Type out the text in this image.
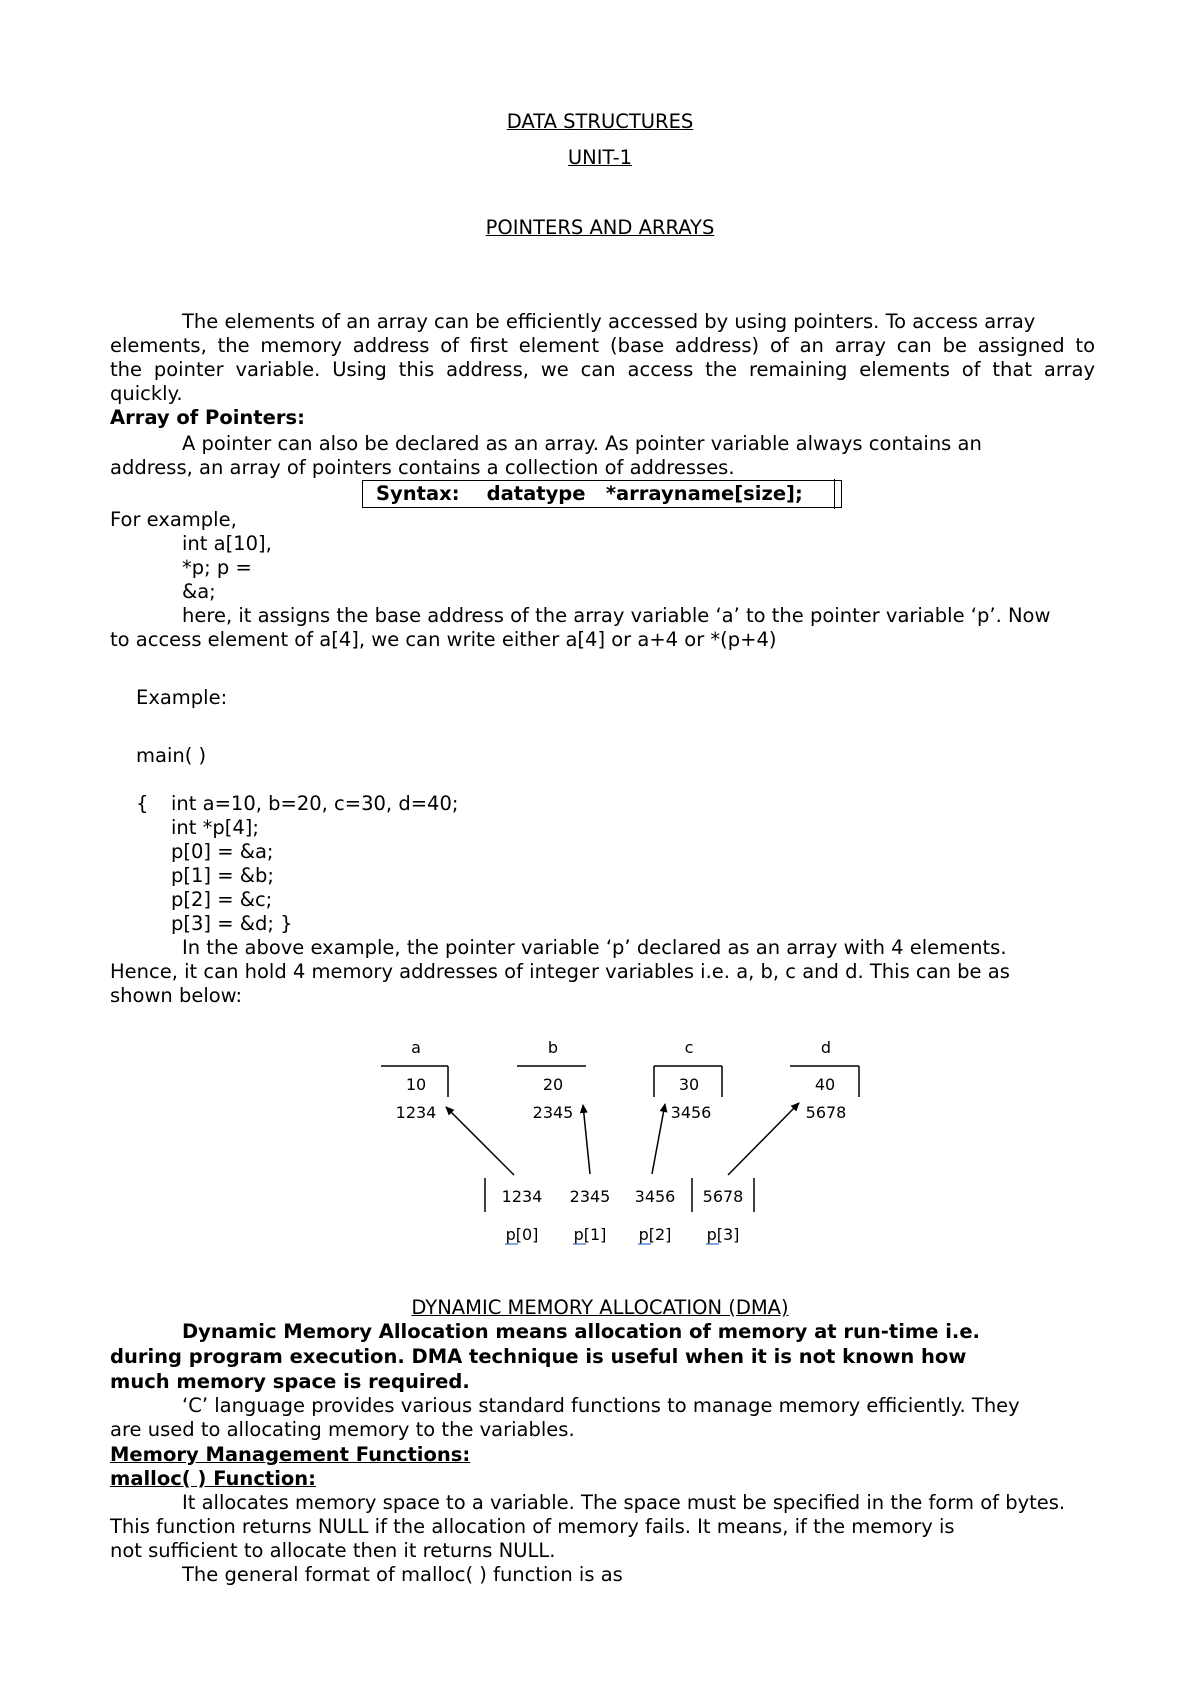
DATA STRUCTURES
UNIT-1
POINTERS AND ARRAYS
The elements of an array can be efficiently accessed by using pointers. To access array
elements, the memory address of first element (base address) of an array can be assigned to
the pointer variable. Using this address, we can access the remaining elements of that array
quickly.
Array of Pointers:
A pointer can also be declared as an array. As pointer variable always contains an
address, an array of pointers contains a collection of addresses.
Syntax:    datatype   *arrayname[size];
For example,
int a[10],
*p; p =
&a;
here, it assigns the base address of the array variable ‘a’ to the pointer variable ‘p’. Now
to access element of a[4], we can write either a[4] or a+4 or *(p+4)
Example:
main( )
{ int a=10, b=20, c=30, d=40;
int *p[4];
p[0] = &a;
p[1] = &b;
p[2] = &c;
p[3] = &d; }
In the above example, the pointer variable ‘p’ declared as an array with 4 elements.
Hence, it can hold 4 memory addresses of integer variables i.e. a, b, c and d. This can be as
shown below:
a
10
1234
b
20
2345
c
30
3456
d
40
5678
1234 2345 3456 5678
p[0] p[1] p[2] p[3]
DYNAMIC MEMORY ALLOCATION (DMA)
Dynamic Memory Allocation means allocation of memory at run-time i.e.
during program execution. DMA technique is useful when it is not known how
much memory space is required.
‘C’ language provides various standard functions to manage memory efficiently. They
are used to allocating memory to the variables.
Memory Management Functions:
malloc( ) Function:
It allocates memory space to a variable. The space must be specified in the form of bytes.
This function returns NULL if the allocation of memory fails. It means, if the memory is
not sufficient to allocate then it returns NULL.
The general format of malloc( ) function is as
